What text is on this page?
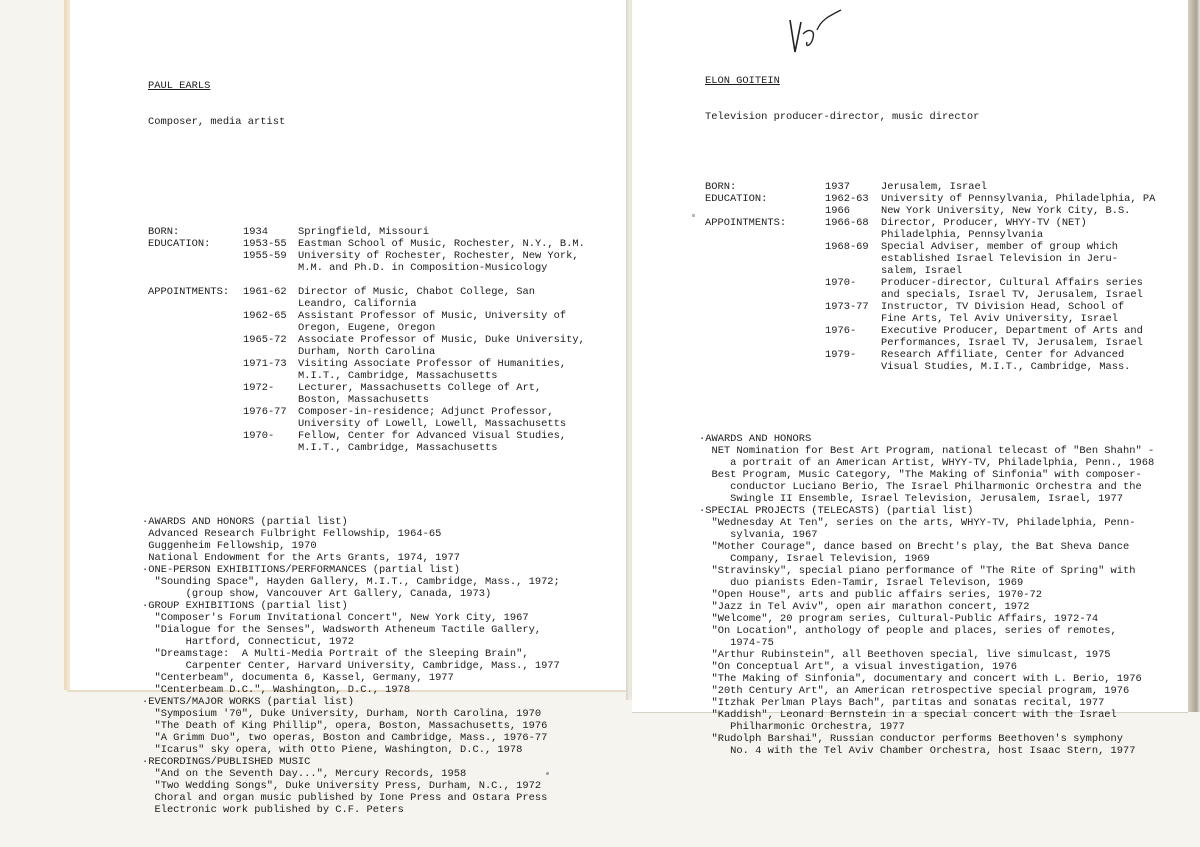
PAUL EARLS

Composer, media artist

BORN:	1934	Springfield, Missouri
EDUCATION:	1953-55 Eastman School of Music, Rochester, N.Y., B.M.
1955-59 University of Rochester, Rochester, New York,
M.M. and Ph.D. in Composition-Musicology
APPOINTMENTS: 1961-62 Director of Music, Chabot College, San
Leandro, California
1962-65 Assistant Professor of Music, University of
Oregon, Eugene, Oregon
1965-72 Associate Professor of Music, Duke University,
Durham, North Carolina
1971-73 Visiting Associate Professor of Humanities,
M.I.T., Cambridge, Massachusetts
1972- Lecturer, Massachusetts College of Art,
Boston, Massachusetts
1976-77 Composer-in-residence; Adjunct Professor,
University of Lowell, Lowell, Massachusetts
1970- Fellow, Center for Advanced Visual Studies,
M.I.T., Cambridge, Massachusetts

·AWARDS AND HONORS (partial list)
Advanced Research Fulbright Fellowship, 1964-65
Guggenheim Fellowship, 1970
National Endowment for the Arts Grants, 1974, 1977
·ONE-PERSON EXHIBITIONS/PERFORMANCES (partial list)
"Sounding Space", Hayden Gallery, M.I.T., Cambridge, Mass., 1972;
(group show, Vancouver Art Gallery, Canada, 1973)
·GROUP EXHIBITIONS (partial list)
"Composer's Forum Invitational Concert", New York City, 1967
"Dialogue for the Senses", Wadsworth Atheneum Tactile Gallery,
Hartford, Connecticut, 1972
"Dreamstage:  A Multi-Media Portrait of the Sleeping Brain",
Carpenter Center, Harvard University, Cambridge, Mass., 1977
"Centerbeam", documenta 6, Kassel, Germany, 1977
"Centerbeam D.C.", Washington, D.C., 1978
·EVENTS/MAJOR WORKS (partial list)
"Symposium '70", Duke University, Durham, North Carolina, 1970
"The Death of King Phillip", opera, Boston, Massachusetts, 1976
"A Grimm Duo", two operas, Boston and Cambridge, Mass., 1976-77
"Icarus" sky opera, with Otto Piene, Washington, D.C., 1978
·RECORDINGS/PUBLISHED MUSIC
"And on the Seventh Day...", Mercury Records, 1958
"Two Wedding Songs", Duke University Press, Durham, N.C., 1972
Choral and organ music published by Ione Press and Ostara Press
Electronic work published by C.F. Peters

ELON GOITEIN

Television producer-director, music director

BORN:	1937	Jerusalem, Israel
EDUCATION:	1962-63 University of Pennsylvania, Philadelphia, PA
1966	New York University, New York City, B.S.
APPOINTMENTS:	1966-68 Director, Producer, WHYY-TV (NET)
Philadelphia, Pennsylvania
1968-69 Special Adviser, member of group which
established Israel Television in Jeru-
salem, Israel
1970- Producer-director, Cultural Affairs series
and specials, Israel TV, Jerusalem, Israel
1973-77 Instructor, TV Division Head, School of
Fine Arts, Tel Aviv University, Israel
1976- Executive Producer, Department of Arts and
Performances, Israel TV, Jerusalem, Israel
1979- Research Affiliate, Center for Advanced
Visual Studies, M.I.T., Cambridge, Mass.

·AWARDS AND HONORS
NET Nomination for Best Art Program, national telecast of "Ben Shahn" -
a portrait of an American Artist, WHYY-TV, Philadelphia, Penn., 1968
Best Program, Music Category, "The Making of Sinfonia" with composer-
conductor Luciano Berio, The Israel Philharmonic Orchestra and the
Swingle II Ensemble, Israel Television, Jerusalem, Israel, 1977
·SPECIAL PROJECTS (TELECASTS) (partial list)
"Wednesday At Ten", series on the arts, WHYY-TV, Philadelphia, Penn-
sylvania, 1967
"Mother Courage", dance based on Brecht's play, the Bat Sheva Dance
Company, Israel Television, 1969
"Stravinsky", special piano performance of "The Rite of Spring" with
duo pianists Eden-Tamir, Israel Televison, 1969
"Open House", arts and public affairs series, 1970-72
"Jazz in Tel Aviv", open air marathon concert, 1972
"Welcome", 20 program series, Cultural-Public Affairs, 1972-74
"On Location", anthology of people and places, series of remotes,
1974-75
"Arthur Rubinstein", all Beethoven special, live simulcast, 1975
"On Conceptual Art", a visual investigation, 1976
"The Making of Sinfonia", documentary and concert with L. Berio, 1976
"20th Century Art", an American retrospective special program, 1976
"Itzhak Perlman Plays Bach", partitas and sonatas recital, 1977
"Kaddish", Leonard Bernstein in a special concert with the Israel
Philharmonic Orchestra, 1977
"Rudolph Barshai", Russian conductor performs Beethoven's symphony
No. 4 with the Tel Aviv Chamber Orchestra, host Isaac Stern, 1977
